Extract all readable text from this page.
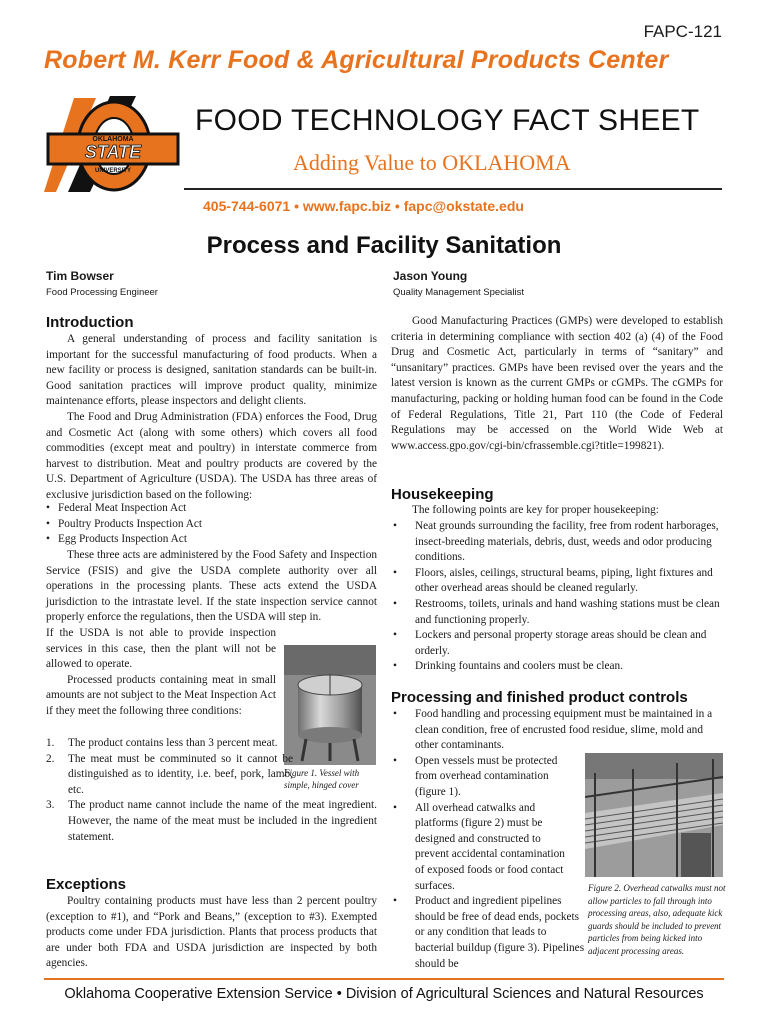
FAPC-121
Robert M. Kerr Food & Agricultural Products Center
OKLAHOMA
STATE
UNIVERSITY
FOOD TECHNOLOGY FACT SHEET
Adding Value to OKLAHOMA
405-744-6071 • www.fapc.biz • fapc@okstate.edu
Process and Facility Sanitation
Tim Bowser
Food Processing Engineer
Jason Young
Quality Management Specialist
Introduction

A general understanding of process and facility sanitation is important for the successful manufacturing of food products. When a new facility or process is designed, sanitation standards can be built-in. Good sanitation practices will improve product quality, minimize maintenance efforts, please inspectors and delight clients.

The Food and Drug Administration (FDA) enforces the Food, Drug and Cosmetic Act (along with some others) which covers all food commodities (except meat and poultry) in interstate commerce from harvest to distribution. Meat and poultry products are covered by the U.S. Department of Agriculture (USDA). The USDA has three areas of exclusive jurisdiction based on the following:

• Federal Meat Inspection Act
• Poultry Products Inspection Act
• Egg Products Inspection Act

These three acts are administered by the Food Safety and Inspection Service (FSIS) and give the USDA complete authority over all operations in the processing plants. These acts extend the USDA jurisdiction to the intrastate level. If the state inspection service cannot properly enforce the regulations, then the USDA will step in.

If the USDA is not able to provide inspection services in this case, then the plant will not be allowed to operate.

Processed products containing meat in small amounts are not subject to the Meat Inspection Act if they meet the following three conditions:

Figure 1. Vessel with simple, hinged cover
1. The product contains less than 3 percent meat.
2. The meat must be comminuted so it cannot be distinguished as to identity, i.e. beef, pork, lamb, etc.
3. The product name cannot include the name of the meat ingredient. However, the name of the meat must be included in the ingredient statement.
Exceptions

Poultry containing products must have less than 2 percent poultry (exception to #1), and “Pork and Beans,” (exception to #3). Exempted products come under FDA jurisdiction. Plants that process products that are under both FDA and USDA jurisdiction are inspected by both agencies.

Good Manufacturing Practices (GMPs) were developed to establish criteria in determining compliance with section 402 (a) (4) of the Food Drug and Cosmetic Act, particularly in terms of “sanitary” and “unsanitary” practices. GMPs have been revised over the years and the latest version is known as the current GMPs or cGMPs. The cGMPs for manufacturing, packing or holding human food can be found in the Code of Federal Regulations, Title 21, Part 110 (the Code of Federal Regulations may be accessed on the World Wide Web at www.access.gpo.gov/cgi-bin/cfrassemble.cgi?title=199821).

Housekeeping

The following points are key for proper housekeeping:

• Neat grounds surrounding the facility, free from rodent harborages, insect-breeding materials, debris, dust, weeds and odor producing conditions.
• Floors, aisles, ceilings, structural beams, piping, light fixtures and other overhead areas should be cleaned regularly.
• Restrooms, toilets, urinals and hand washing stations must be clean and functioning properly.
• Lockers and personal property storage areas should be clean and orderly.
• Drinking fountains and coolers must be clean.
Processing and finished product controls
• Food handling and processing equipment must be maintained in a clean condition, free of encrusted food residue, slime, mold and other contaminants.
• Open vessels must be protected from overhead contamination (figure 1).
• All overhead catwalks and platforms (figure 2) must be designed and constructed to prevent accidental contamination of exposed foods or food contact surfaces.
• Product and ingredient pipelines should be free of dead ends, pockets or any condition that leads to bacterial buildup (figure 3). Pipelines should be
Figure 2. Overhead catwalks must not allow particles to fall through into processing areas, also, adequate kick guards should be included to prevent particles from being kicked into adjacent processing areas.
Oklahoma Cooperative Extension Service • Division of Agricultural Sciences and Natural Resources
